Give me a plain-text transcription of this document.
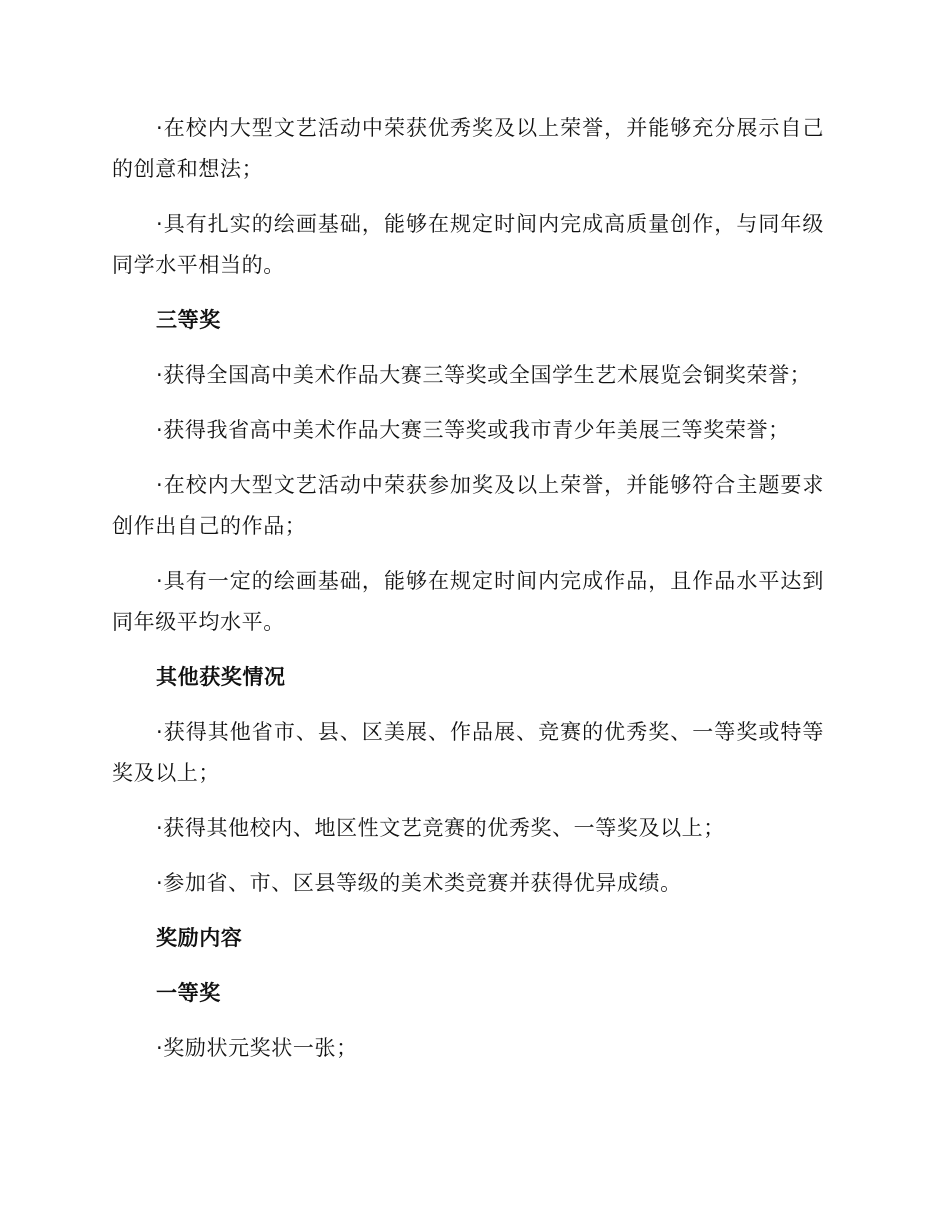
·在校内大型文艺活动中荣获优秀奖及以上荣誉，并能够充分展示自己的创意和想法；

·具有扎实的绘画基础，能够在规定时间内完成高质量创作，与同年级同学水平相当的。

三等奖

·获得全国高中美术作品大赛三等奖或全国学生艺术展览会铜奖荣誉；

·获得我省高中美术作品大赛三等奖或我市青少年美展三等奖荣誉；

·在校内大型文艺活动中荣获参加奖及以上荣誉，并能够符合主题要求创作出自己的作品；

·具有一定的绘画基础，能够在规定时间内完成作品，且作品水平达到同年级平均水平。

其他获奖情况

·获得其他省市、县、区美展、作品展、竞赛的优秀奖、一等奖或特等奖及以上；

·获得其他校内、地区性文艺竞赛的优秀奖、一等奖及以上；

·参加省、市、区县等级的美术类竞赛并获得优异成绩。

奖励内容

一等奖

·奖励状元奖状一张；
